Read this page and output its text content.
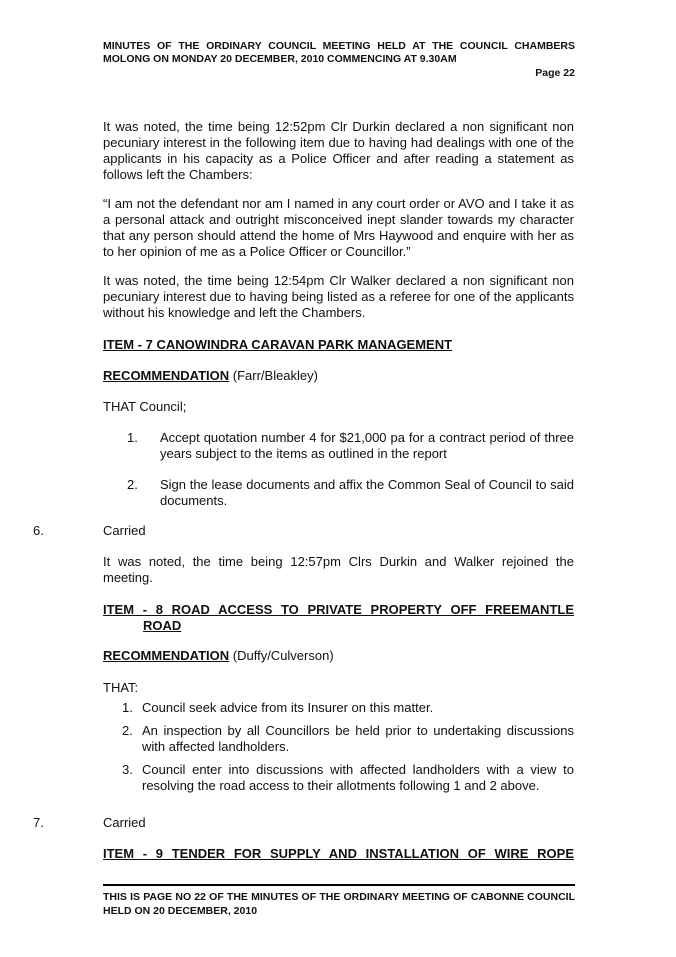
MINUTES OF THE ORDINARY COUNCIL MEETING HELD AT THE COUNCIL CHAMBERS
MOLONG ON MONDAY 20 DECEMBER, 2010 COMMENCING AT 9.30AM
Page 22
It was noted, the time being 12:52pm Clr Durkin declared a non significant non pecuniary interest in the following item due to having had dealings with one of the applicants in his capacity as a Police Officer and after reading a statement as follows left the Chambers:
“I am not the defendant nor am I named in any court order or AVO and I take it as a personal attack and outright misconceived inept slander towards my character that any person should attend the home of Mrs Haywood and enquire with her as to her opinion of me as a Police Officer or Councillor.”
It was noted, the time being 12:54pm Clr Walker declared a non significant non pecuniary interest due to having being listed as a referee for one of the applicants without his knowledge and left the Chambers.
ITEM - 7 CANOWINDRA CARAVAN PARK MANAGEMENT
RECOMMENDATION (Farr/Bleakley)
THAT Council;
1. Accept quotation number 4 for $21,000 pa for a contract period of three years subject to the items as outlined in the report
2. Sign the lease documents and affix the Common Seal of Council to said documents.
6.	Carried
It was noted, the time being 12:57pm Clrs Durkin and Walker rejoined the meeting.
ITEM - 8 ROAD ACCESS TO PRIVATE PROPERTY OFF FREEMANTLE
ROAD
RECOMMENDATION (Duffy/Culverson)
THAT:
1. Council seek advice from its Insurer on this matter.
2. An inspection by all Councillors be held prior to undertaking discussions with affected landholders.
3. Council enter into discussions with affected landholders with a view to resolving the road access to their allotments following 1 and 2 above.
7.	Carried
ITEM - 9 TENDER FOR SUPPLY AND INSTALLATION OF WIRE ROPE
THIS IS PAGE NO 22 OF THE MINUTES OF THE ORDINARY MEETING OF CABONNE COUNCIL HELD ON 20 DECEMBER, 2010
